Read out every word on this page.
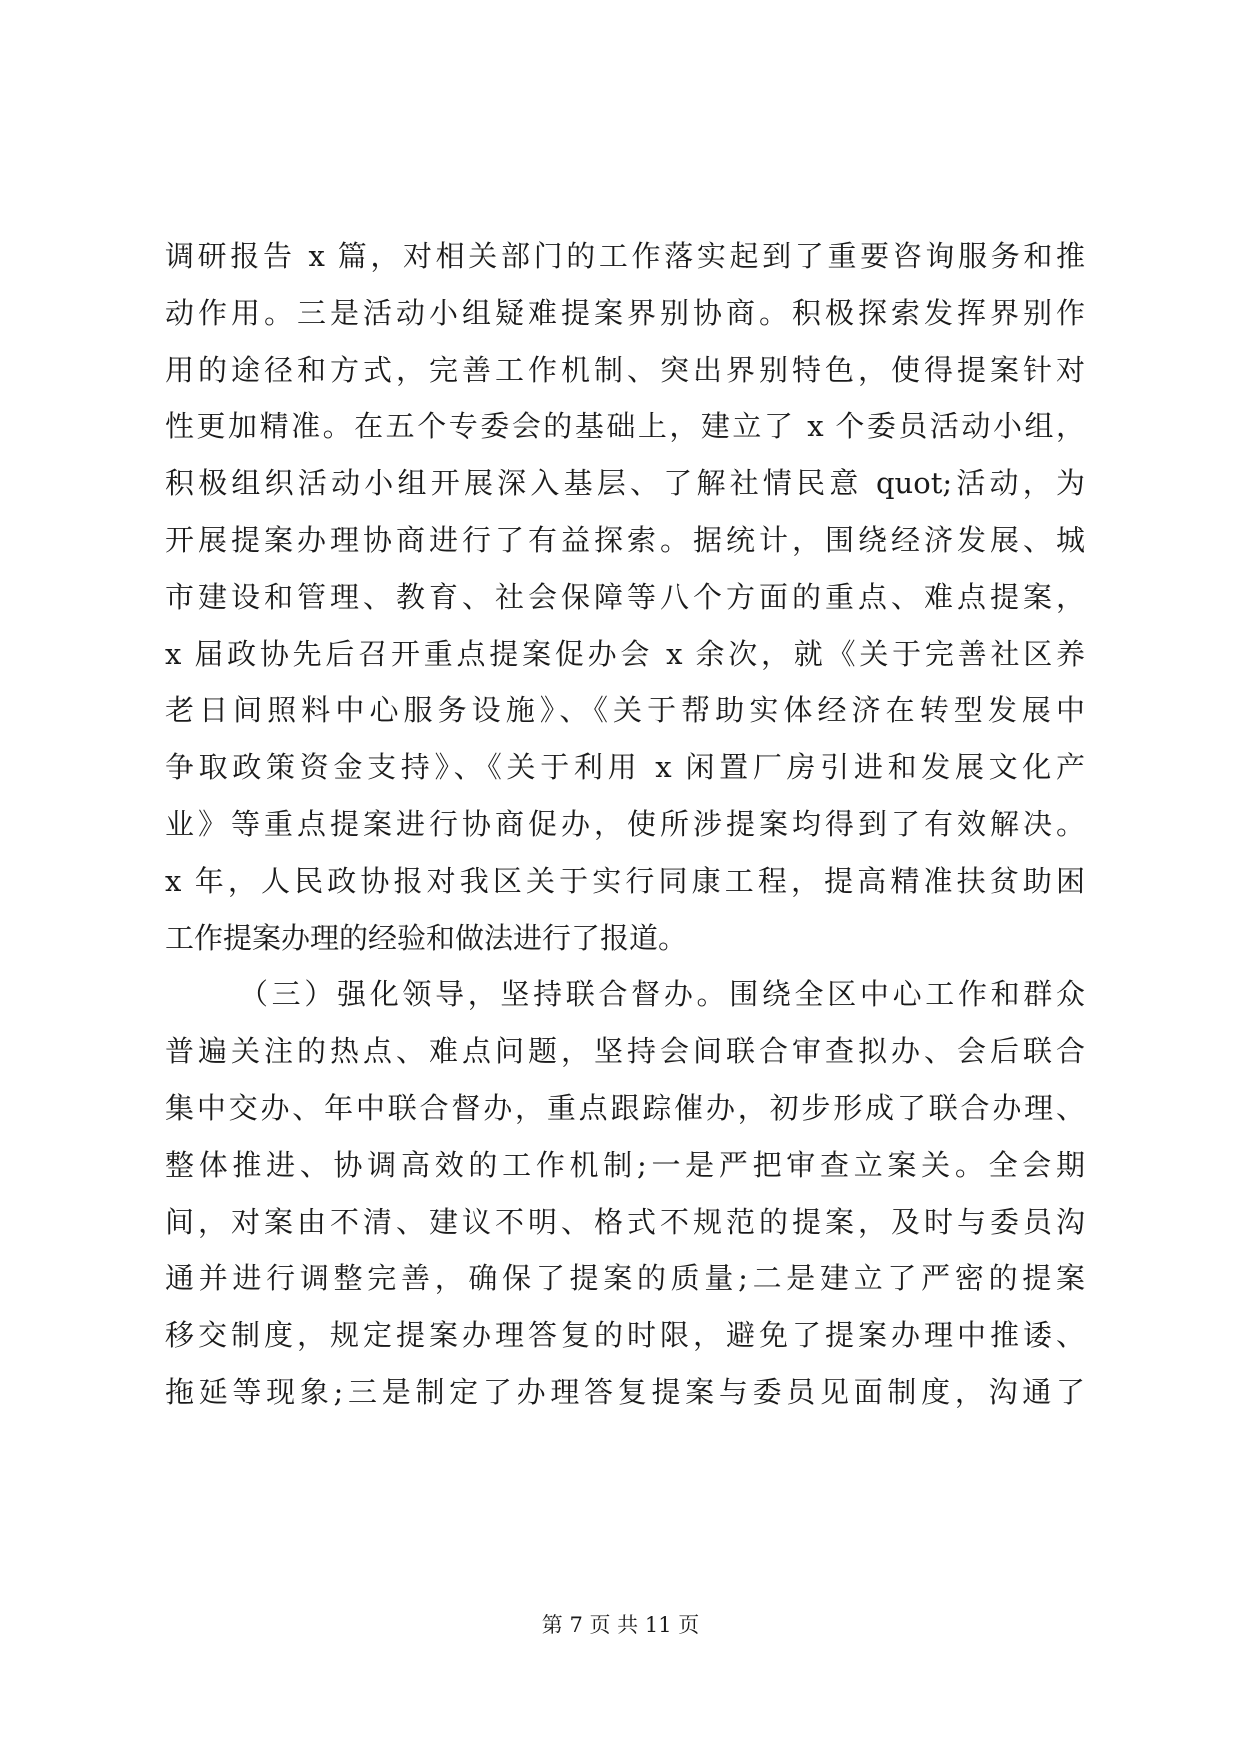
调研报告 x 篇，对相关部门的工作落实起到了重要咨询服务和推
动作用。三是活动小组疑难提案界别协商。积极探索发挥界别作
用的途径和方式，完善工作机制、突出界别特色，使得提案针对
性更加精准。在五个专委会的基础上，建立了 x 个委员活动小组，
积极组织活动小组开展深入基层、了解社情民意 quot;活动，为
开展提案办理协商进行了有益探索。据统计，围绕经济发展、城
市建设和管理、教育、社会保障等八个方面的重点、难点提案，
x 届政协先后召开重点提案促办会 x 余次，就《关于完善社区养
老日间照料中心服务设施》、《关于帮助实体经济在转型发展中
争取政策资金支持》、《关于利用 x 闲置厂房引进和发展文化产
业》等重点提案进行协商促办，使所涉提案均得到了有效解决。
x 年，人民政协报对我区关于实行同康工程，提高精准扶贫助困
工作提案办理的经验和做法进行了报道。
（三）强化领导，坚持联合督办。围绕全区中心工作和群众
普遍关注的热点、难点问题，坚持会间联合审查拟办、会后联合
集中交办、年中联合督办，重点跟踪催办，初步形成了联合办理、
整体推进、协调高效的工作机制;一是严把审查立案关。全会期
间，对案由不清、建议不明、格式不规范的提案，及时与委员沟
通并进行调整完善，确保了提案的质量;二是建立了严密的提案
移交制度，规定提案办理答复的时限，避免了提案办理中推诿、
拖延等现象;三是制定了办理答复提案与委员见面制度，沟通了
第 7 页 共 11 页
